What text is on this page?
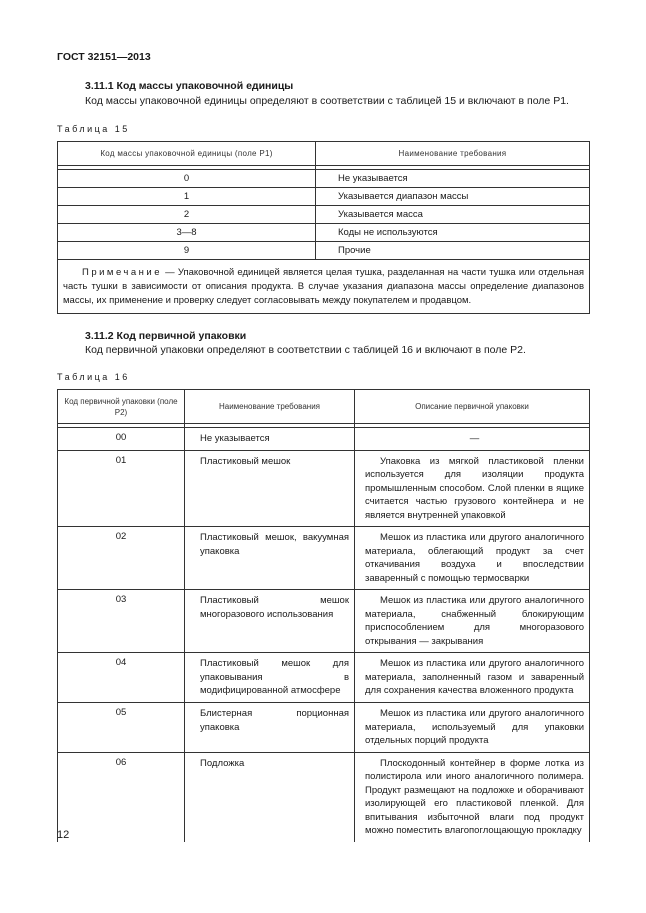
ГОСТ 32151—2013
3.11.1 Код массы упаковочной единицы
Код массы упаковочной единицы определяют в соответствии с таблицей 15 и включают в поле Р1.
Таблица 15
Код массы упаковочной единицы (поле Р1)	Наименование требования

0	Не указывается
1	Указывается диапазон массы
2	Указывается масса
3—8	Коды не используются
9	Прочие
  Примечание — Упаковочной единицей является целая тушка, разделанная на части тушка или отдельная часть тушки в зависимости от описания продукта. В случае указания диапазона массы определение диапазонов массы, их применение и проверку следует согласовывать между покупателем и продавцом.	
3.11.2 Код первичной упаковки
Код первичной упаковки определяют в соответствии с таблицей 16 и включают в поле Р2.
Таблица 16
Код первичной упаковки (поле Р2)	Наименование требования	Описание первичной упаковки

00	Не указывается	—
01	Пластиковый мешок	Упаковка из мягкой пластиковой пленки используется для изоляции продукта промышленным способом. Слой пленки в ящике считается частью грузового контейнера и не является внутренней упаковкой
02	Пластиковый мешок, вакуумная упаковка	Мешок из пластика или другого аналогичного материала, облегающий продукт за счет откачивания воздуха и впоследствии заваренный с помощью термосварки
03	Пластиковый мешок многоразового использования	Мешок из пластика или другого аналогичного материала, снабженный блокирующим приспособлением для многоразового открывания — закрывания
04	Пластиковый мешок для упаковывания в модифицированной атмосфере	Мешок из пластика или другого аналогичного материала, заполненный газом и заваренный для сохранения качества вложенного продукта
05	Блистерная порционная упаковка	Мешок из пластика или другого аналогичного материала, используемый для упаковки отдельных порций продукта
06	Подложка	Плоскодонный контейнер в форме лотка из полистирола или иного аналогичного полимера. Продукт размещают на подложке и оборачивают изолирующей его пластиковой пленкой. Для впитывания избыточной влаги под продукт можно поместить влагопоглощающую прокладку
12
